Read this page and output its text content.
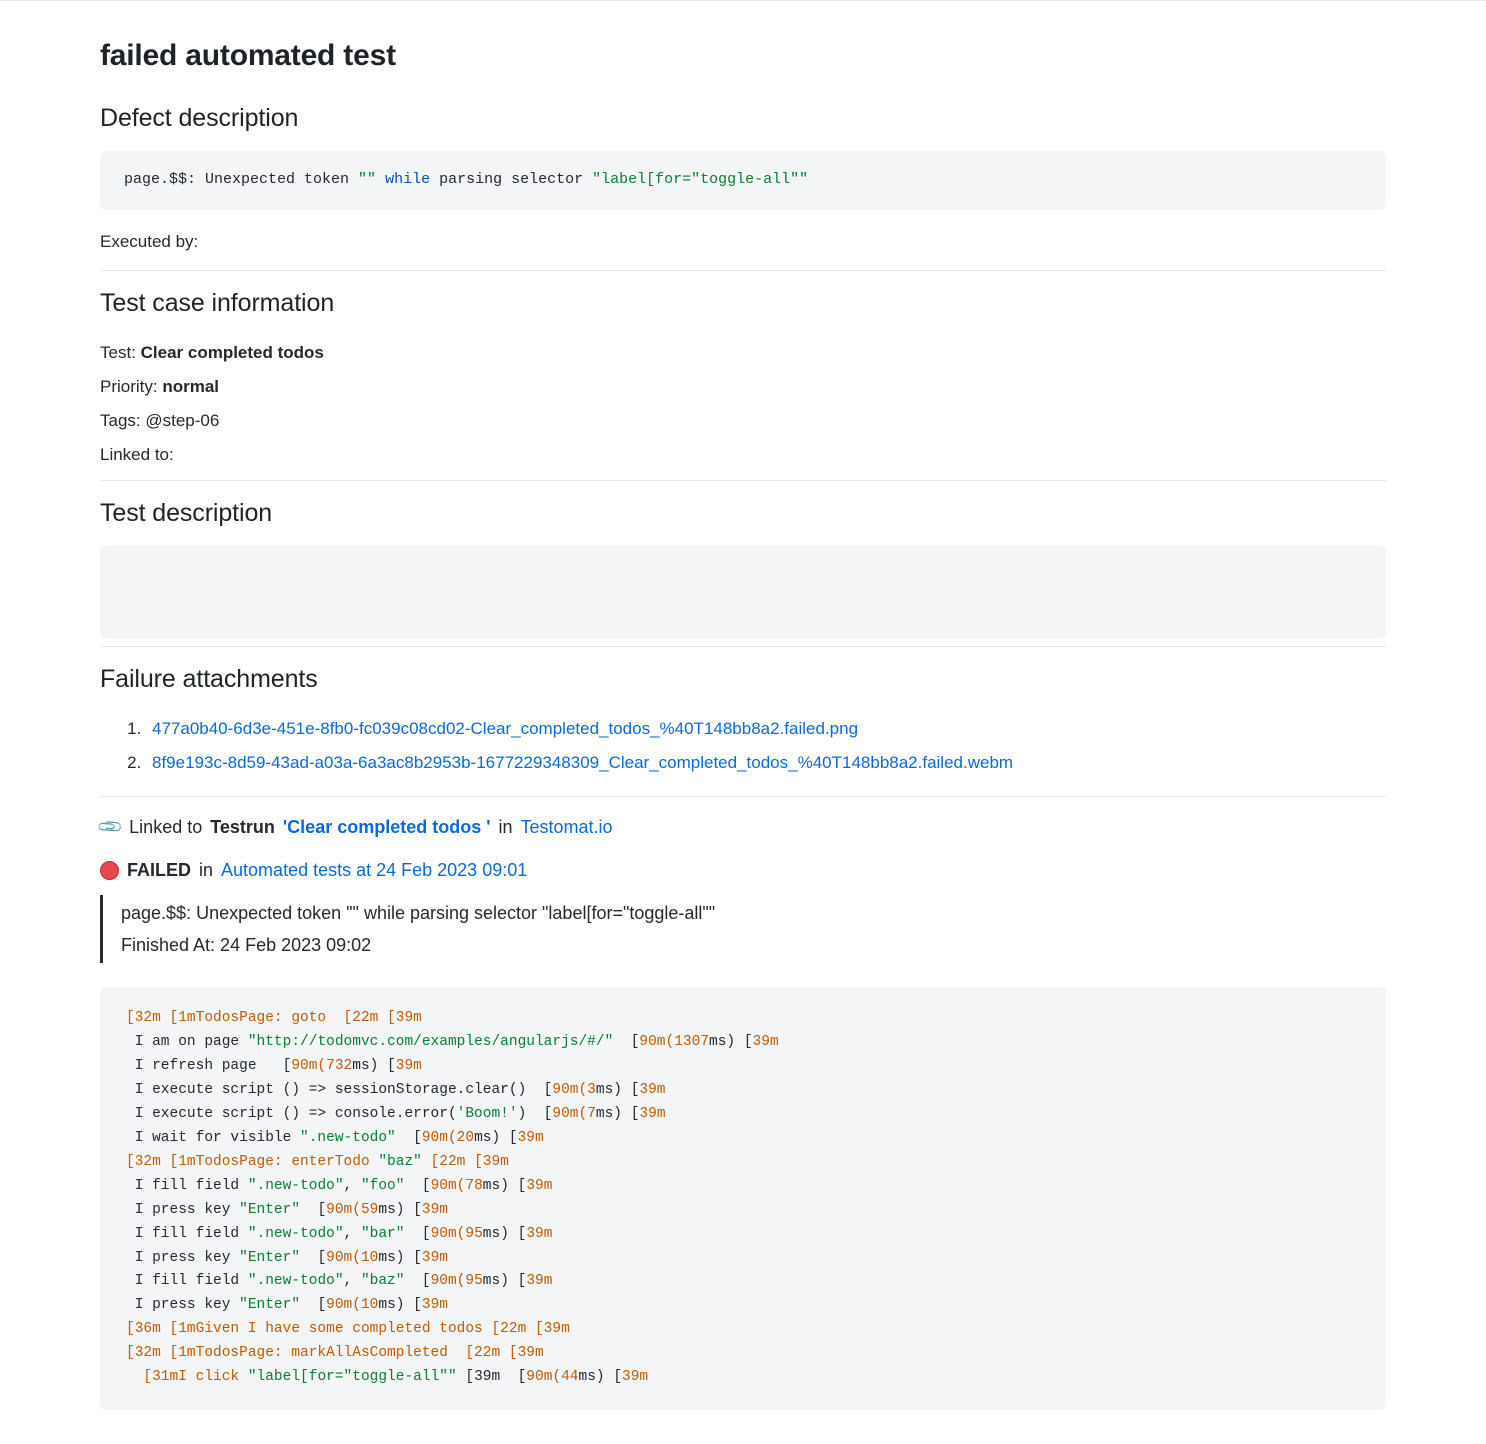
failed automated test
Defect description
page.$$: Unexpected token "" while parsing selector "label[for="toggle-all""
Executed by:
Test case information
Test: Clear completed todos
Priority: normal
Tags: @step-06
Linked to:
Test description
Failure attachments
1. 477a0b40-6d3e-451e-8fb0-fc039c08cd02-Clear_completed_todos_%40T148bb8a2.failed.png
2. 8f9e193c-8d59-43ad-a03a-6a3ac8b2953b-1677229348309_Clear_completed_todos_%40T148bb8a2.failed.webm
📎 Linked to Testrun 'Clear completed todos ' in Testomat.io
FAILED in Automated tests at 24 Feb 2023 09:01
page.$$: Unexpected token "" while parsing selector "label[for="toggle-all""
Finished At: 24 Feb 2023 09:02
[32m [1mTodosPage: goto  [22m [39m
I am on page "http://todomvc.com/examples/angularjs/#/"  [90m(1307ms) [39m
I refresh page   [90m(732ms) [39m
I execute script () => sessionStorage.clear()  [90m(3ms) [39m
I execute script () => console.error('Boom!')  [90m(7ms) [39m
I wait for visible ".new-todo"  [90m(20ms) [39m
[32m [1mTodosPage: enterTodo "baz" [22m [39m
I fill field ".new-todo", "foo"  [90m(78ms) [39m
I press key "Enter"  [90m(59ms) [39m
I fill field ".new-todo", "bar"  [90m(95ms) [39m
I press key "Enter"  [90m(10ms) [39m
I fill field ".new-todo", "baz"  [90m(95ms) [39m
I press key "Enter"  [90m(10ms) [39m
[36m [1mGiven I have some completed todos [22m [39m
[32m [1mTodosPage: markAllAsCompleted  [22m [39m
[31mI click "label[for="toggle-all"" [39m  [90m(44ms) [39m
